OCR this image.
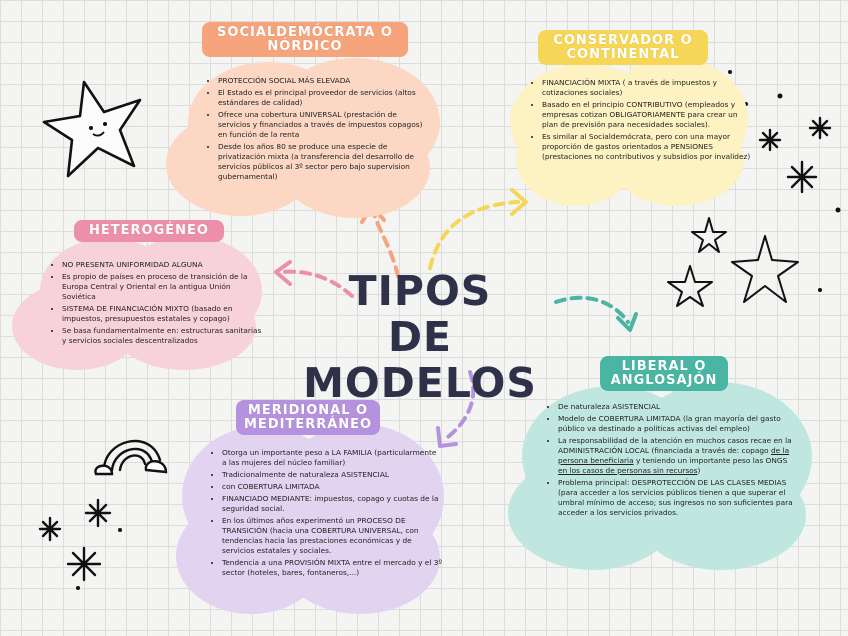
SOCIALDEMÓCRATA O NÓRDICO
• PROTECCIÓN SOCIAL MÁS ELEVADA
• El Estado es el principal proveedor de servicios (altos estándares de calidad)
• Ofrece una cobertura UNIVERSAL (prestación de servicios y financiados a través de impuestos copagos) en función de la renta
• Desde los años 80 se produce una especie de privatización mixta (a transferencia del desarrollo de servicios públicos al 3º sector pero bajo supervision gubernamental)
CONSERVADOR O CONTINENTAL
• FINANCIACIÓN MIXTA ( a través de impuestos y cotizaciones sociales)
• Basado en el principio CONTRIBUTIVO (empleados y empresas cotizan OBLIGATORIAMENTE para crear un plan de previsión para necesidades sociales).
• Es similar al Socialdemócrata, pero con una mayor proporción de gastos orientados a PENSIONES (prestaciones no contributivos y subsidios por invalidez)
HETEROGÉNEO
• NO PRESENTA UNIFORMIDAD ALGUNA
• Es propio de países en proceso de transición de la Europa Central y Oriental en la antigua Unión Soviética
• SISTEMA DE FINANCIACIÓN MIXTO (basado en impuestos, presupuestos estatales y copago)
• Se basa fundamentalmente en: estructuras sanitarias y servicios sociales descentralizados
LIBERAL O ANGLOSAJÓN
• De naturaleza ASISTENCIAL
• Modelo de COBERTURA LIMITADA (la gran mayoría del gasto público va destinado a políticas activas del empleo)
• La responsabilidad de la atención en muchos casos recae en la ADMINISTRACIÓN LOCAL (financiada a través de: copago de la persona beneficiaria y teniendo un importante peso las ONGS en los casos de personas sin recursos)
• Problema principal: DESPROTECCIÓN DE LAS CLASES MEDIAS (para acceder a los servicios públicos tienen a que superar el umbral mínimo de acceso; sus ingresos no son suficientes para acceder a los servicios privados.
MERIDIONAL O MEDITERRÁNEO
• Otorga un importante peso a LA FAMILIA (particularmente a las mujeres del núcleo familiar)
• Tradicionalmente de naturaleza ASISTENCIAL
• con COBERTURA LIMITADA
• FINANCIADO MEDIANTE: impuestos, copago y cuotas de la seguridad social.
• En los últimos años experimentó un PROCESO DE TRANSICIÓN (hacia una COBERTURA UNIVERSAL, con tendencias hacia las prestaciones económicas y de servicios estatales y sociales.
• Tendencia a una PROVISIÓN MIXTA entre el mercado y el 3º sector (hoteles, bares, fontaneros,...)
TIPOS
DE MODELOS
